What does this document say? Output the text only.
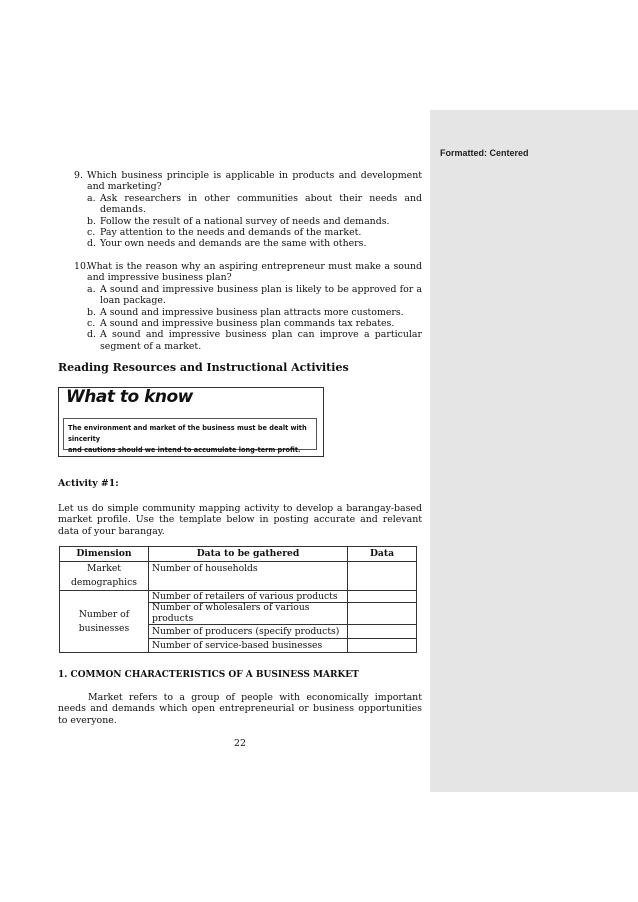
Formatted: Centered
9. Which business principle is applicable in products and development and marketing?
a. Ask researchers in other communities about their needs and demands.
b. Follow the result of a national survey of needs and demands.
c. Pay attention to the needs and demands of the market.
d. Your own needs and demands are the same with others.
10.
What is the reason why an aspiring entrepreneur must make a sound and impressive business plan?
a. A sound and impressive business plan is likely to be approved for a loan package.
b. A sound and impressive business plan attracts more customers.
c. A sound and impressive business plan commands tax rebates.
d. A sound and impressive business plan can improve a particular segment of a market.
Reading Resources and Instructional Activities
What to know
The environment and market of the business must be dealt with sincerity
and cautions should we intend to accumulate long-term profit.
Activity #1:
Let us do simple community mapping activity to develop a barangay-based market profile. Use the template below in posting accurate and relevant data of your barangay.
Dimension	Data to be gathered	Data
Market demographics	Number of households	
Number of businesses	Number of retailers of various products	
	Number of wholesalers of various products	
	Number of producers (specify products)	
	Number of service-based businesses	
1. COMMON CHARACTERISTICS OF A BUSINESS MARKET
Market refers to a group of people with economically important needs and demands which open entrepreneurial or business opportunities to everyone.
22
